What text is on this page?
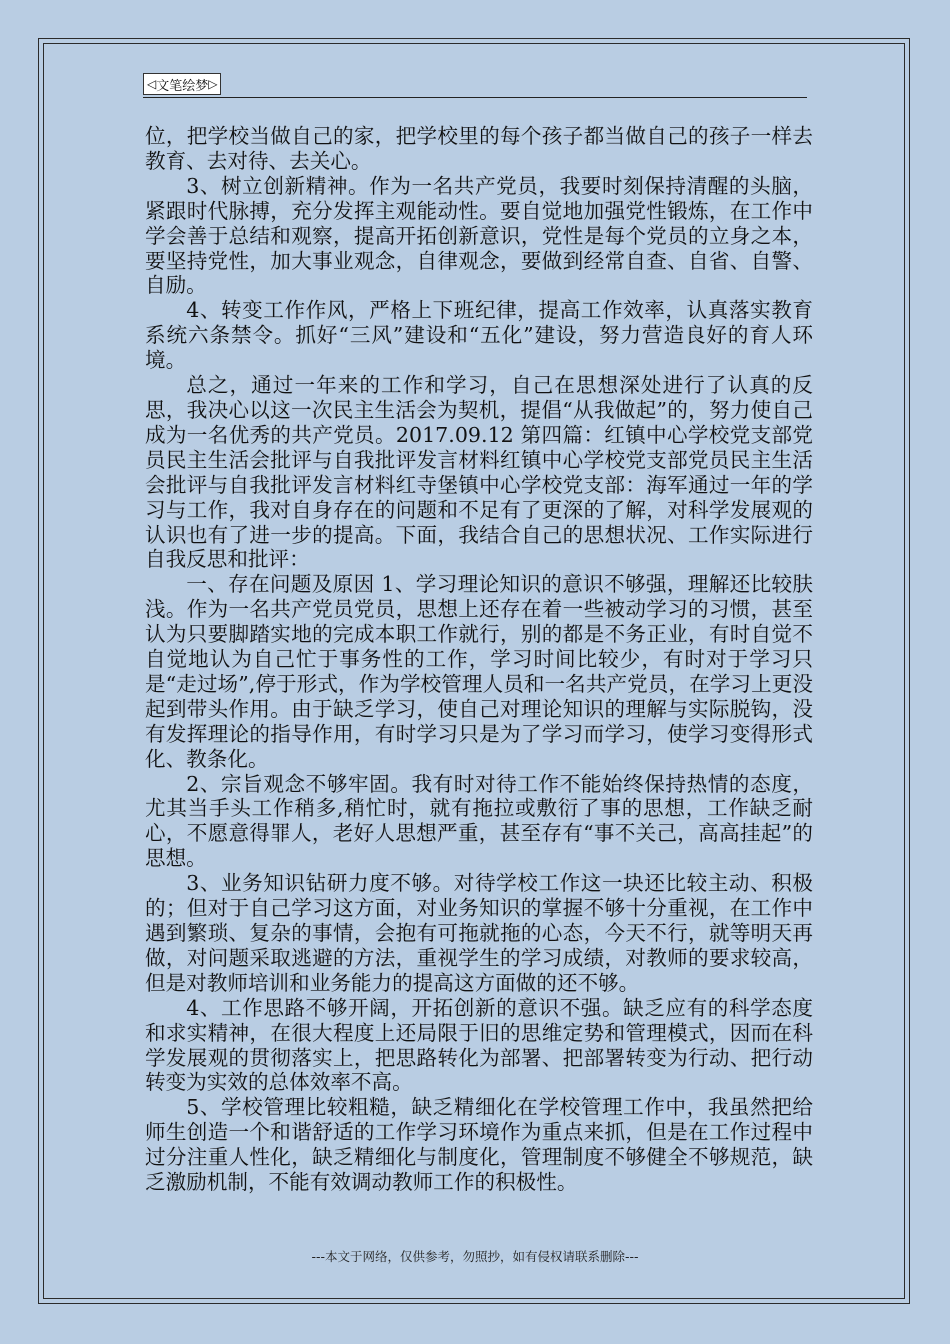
◁ 文笔绘梦 ▷

位，把学校当做自己的家，把学校里的每个孩子都当做自己的孩子一样去教育、去对待、去关心。

3、树立创新精神。作为一名共产党员，我要时刻保持清醒的头脑，紧跟时代脉搏，充分发挥主观能动性。要自觉地加强党性锻炼，在工作中学会善于总结和观察，提高开拓创新意识，党性是每个党员的立身之本，要坚持党性，加大事业观念，自律观念，要做到经常自查、自省、自警、自励。

4、转变工作作风，严格上下班纪律，提高工作效率，认真落实教育系统六条禁令。抓好“三风”建设和“五化”建设，努力营造良好的育人环境。

总之，通过一年来的工作和学习，自己在思想深处进行了认真的反思，我决心以这一次民主生活会为契机，提倡“从我做起”的，努力使自己成为一名优秀的共产党员。2017.09.12 第四篇：红镇中心学校党支部党员民主生活会批评与自我批评发言材料红镇中心学校党支部党员民主生活会批评与自我批评发言材料红寺堡镇中心学校党支部：海军通过一年的学习与工作，我对自身存在的问题和不足有了更深的了解，对科学发展观的认识也有了进一步的提高。下面，我结合自己的思想状况、工作实际进行自我反思和批评：

一、存在问题及原因 1、学习理论知识的意识不够强，理解还比较肤浅。作为一名共产党员党员，思想上还存在着一些被动学习的习惯，甚至认为只要脚踏实地的完成本职工作就行，别的都是不务正业，有时自觉不自觉地认为自己忙于事务性的工作，学习时间比较少，有时对于学习只是“走过场”,停于形式，作为学校管理人员和一名共产党员，在学习上更没起到带头作用。由于缺乏学习，使自己对理论知识的理解与实际脱钩，没有发挥理论的指导作用，有时学习只是为了学习而学习，使学习变得形式化、教条化。

2、宗旨观念不够牢固。我有时对待工作不能始终保持热情的态度，尤其当手头工作稍多,稍忙时，就有拖拉或敷衍了事的思想，工作缺乏耐心，不愿意得罪人，老好人思想严重，甚至存有“事不关己，高高挂起”的思想。

3、业务知识钻研力度不够。对待学校工作这一块还比较主动、积极的；但对于自己学习这方面，对业务知识的掌握不够十分重视，在工作中遇到繁琐、复杂的事情，会抱有可拖就拖的心态，今天不行，就等明天再做，对问题采取逃避的方法，重视学生的学习成绩，对教师的要求较高，但是对教师培训和业务能力的提高这方面做的还不够。

4、工作思路不够开阔，开拓创新的意识不强。缺乏应有的科学态度和求实精神，在很大程度上还局限于旧的思维定势和管理模式，因而在科学发展观的贯彻落实上，把思路转化为部署、把部署转变为行动、把行动转变为实效的总体效率不高。

5、学校管理比较粗糙，缺乏精细化在学校管理工作中，我虽然把给师生创造一个和谐舒适的工作学习环境作为重点来抓，但是在工作过程中过分注重人性化，缺乏精细化与制度化，管理制度不够健全不够规范，缺乏激励机制，不能有效调动教师工作的积极性。

---本文于网络，仅供参考，勿照抄，如有侵权请联系删除---
